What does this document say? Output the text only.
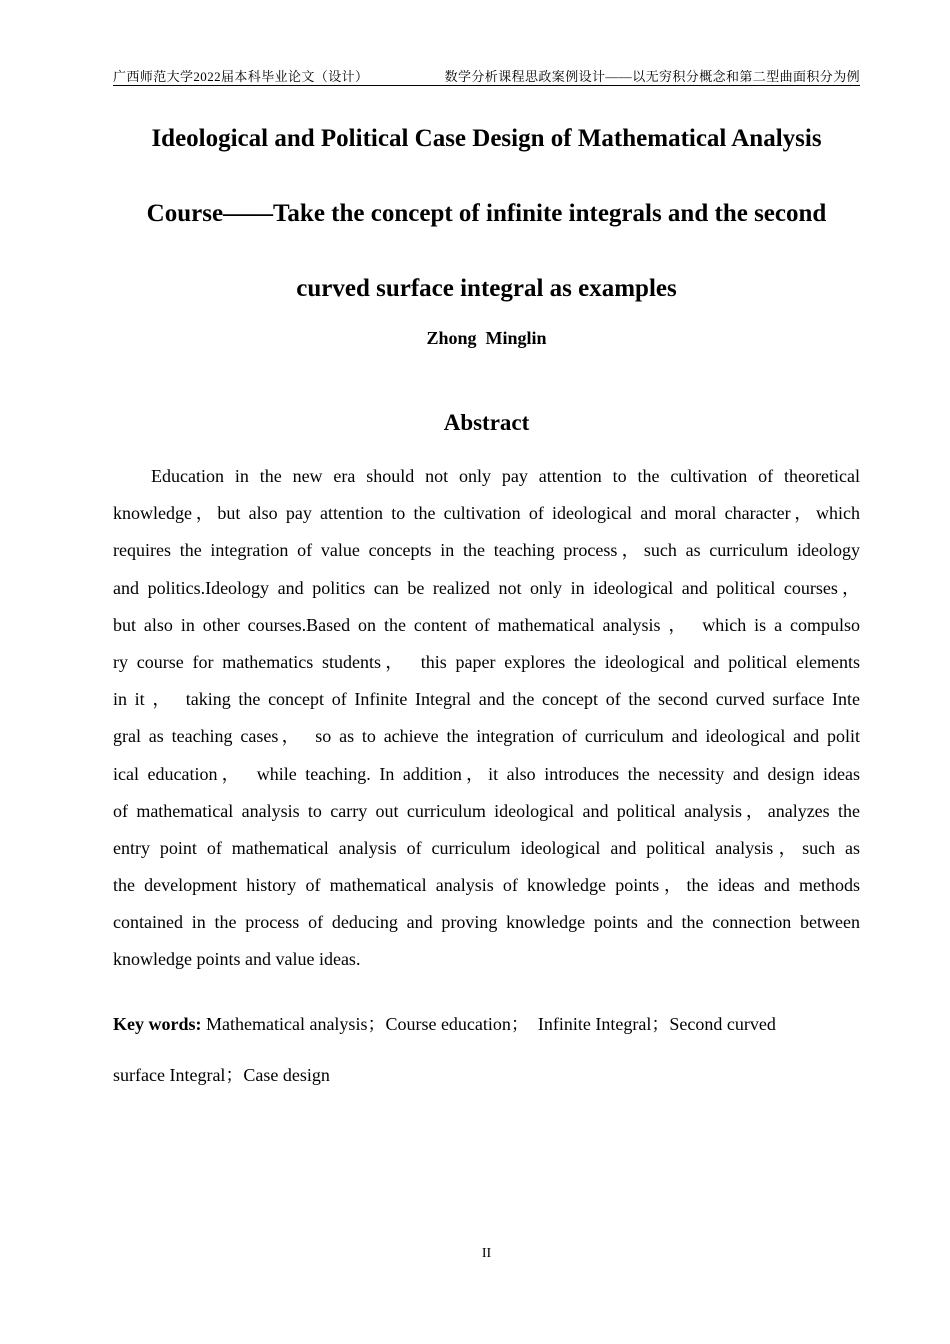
广西师范大学2022届本科毕业论文（设计）	数学分析课程思政案例设计——以无穷积分概念和第二型曲面积分为例
Ideological and Political Case Design of Mathematical Analysis
Course——Take the concept of infinite integrals and the second
curved surface integral as examples
Zhong  Minglin
Abstract
Education in the new era should not only pay attention to the cultivation of theoretical
knowledge，but also pay attention to the cultivation of ideological and moral character，which
requires the integration of value concepts in the teaching process，such as curriculum ideology
and politics.Ideology and politics can be realized not only in ideological and political courses，
but also in other courses.Based on the content of mathematical analysis ，　which is a compulso
ry course for mathematics students，　this paper explores the ideological and political elements
in it ，　taking the concept of Infinite Integral and the concept of the second curved surface Inte
gral as teaching cases，　so as to achieve the integration of curriculum and ideological and polit
ical education，　while teaching. In addition，it also introduces the necessity and design ideas
of mathematical analysis to carry out curriculum ideological and political analysis，analyzes the
entry point of mathematical analysis of curriculum ideological and political analysis，such as
the development history of mathematical analysis of knowledge points，the ideas and methods
contained in the process of deducing and proving knowledge points and the connection between
knowledge points and value ideas.
Key words: Mathematical analysis；Course education；　Infinite Integral；Second curved
surface Integral；Case design
II
